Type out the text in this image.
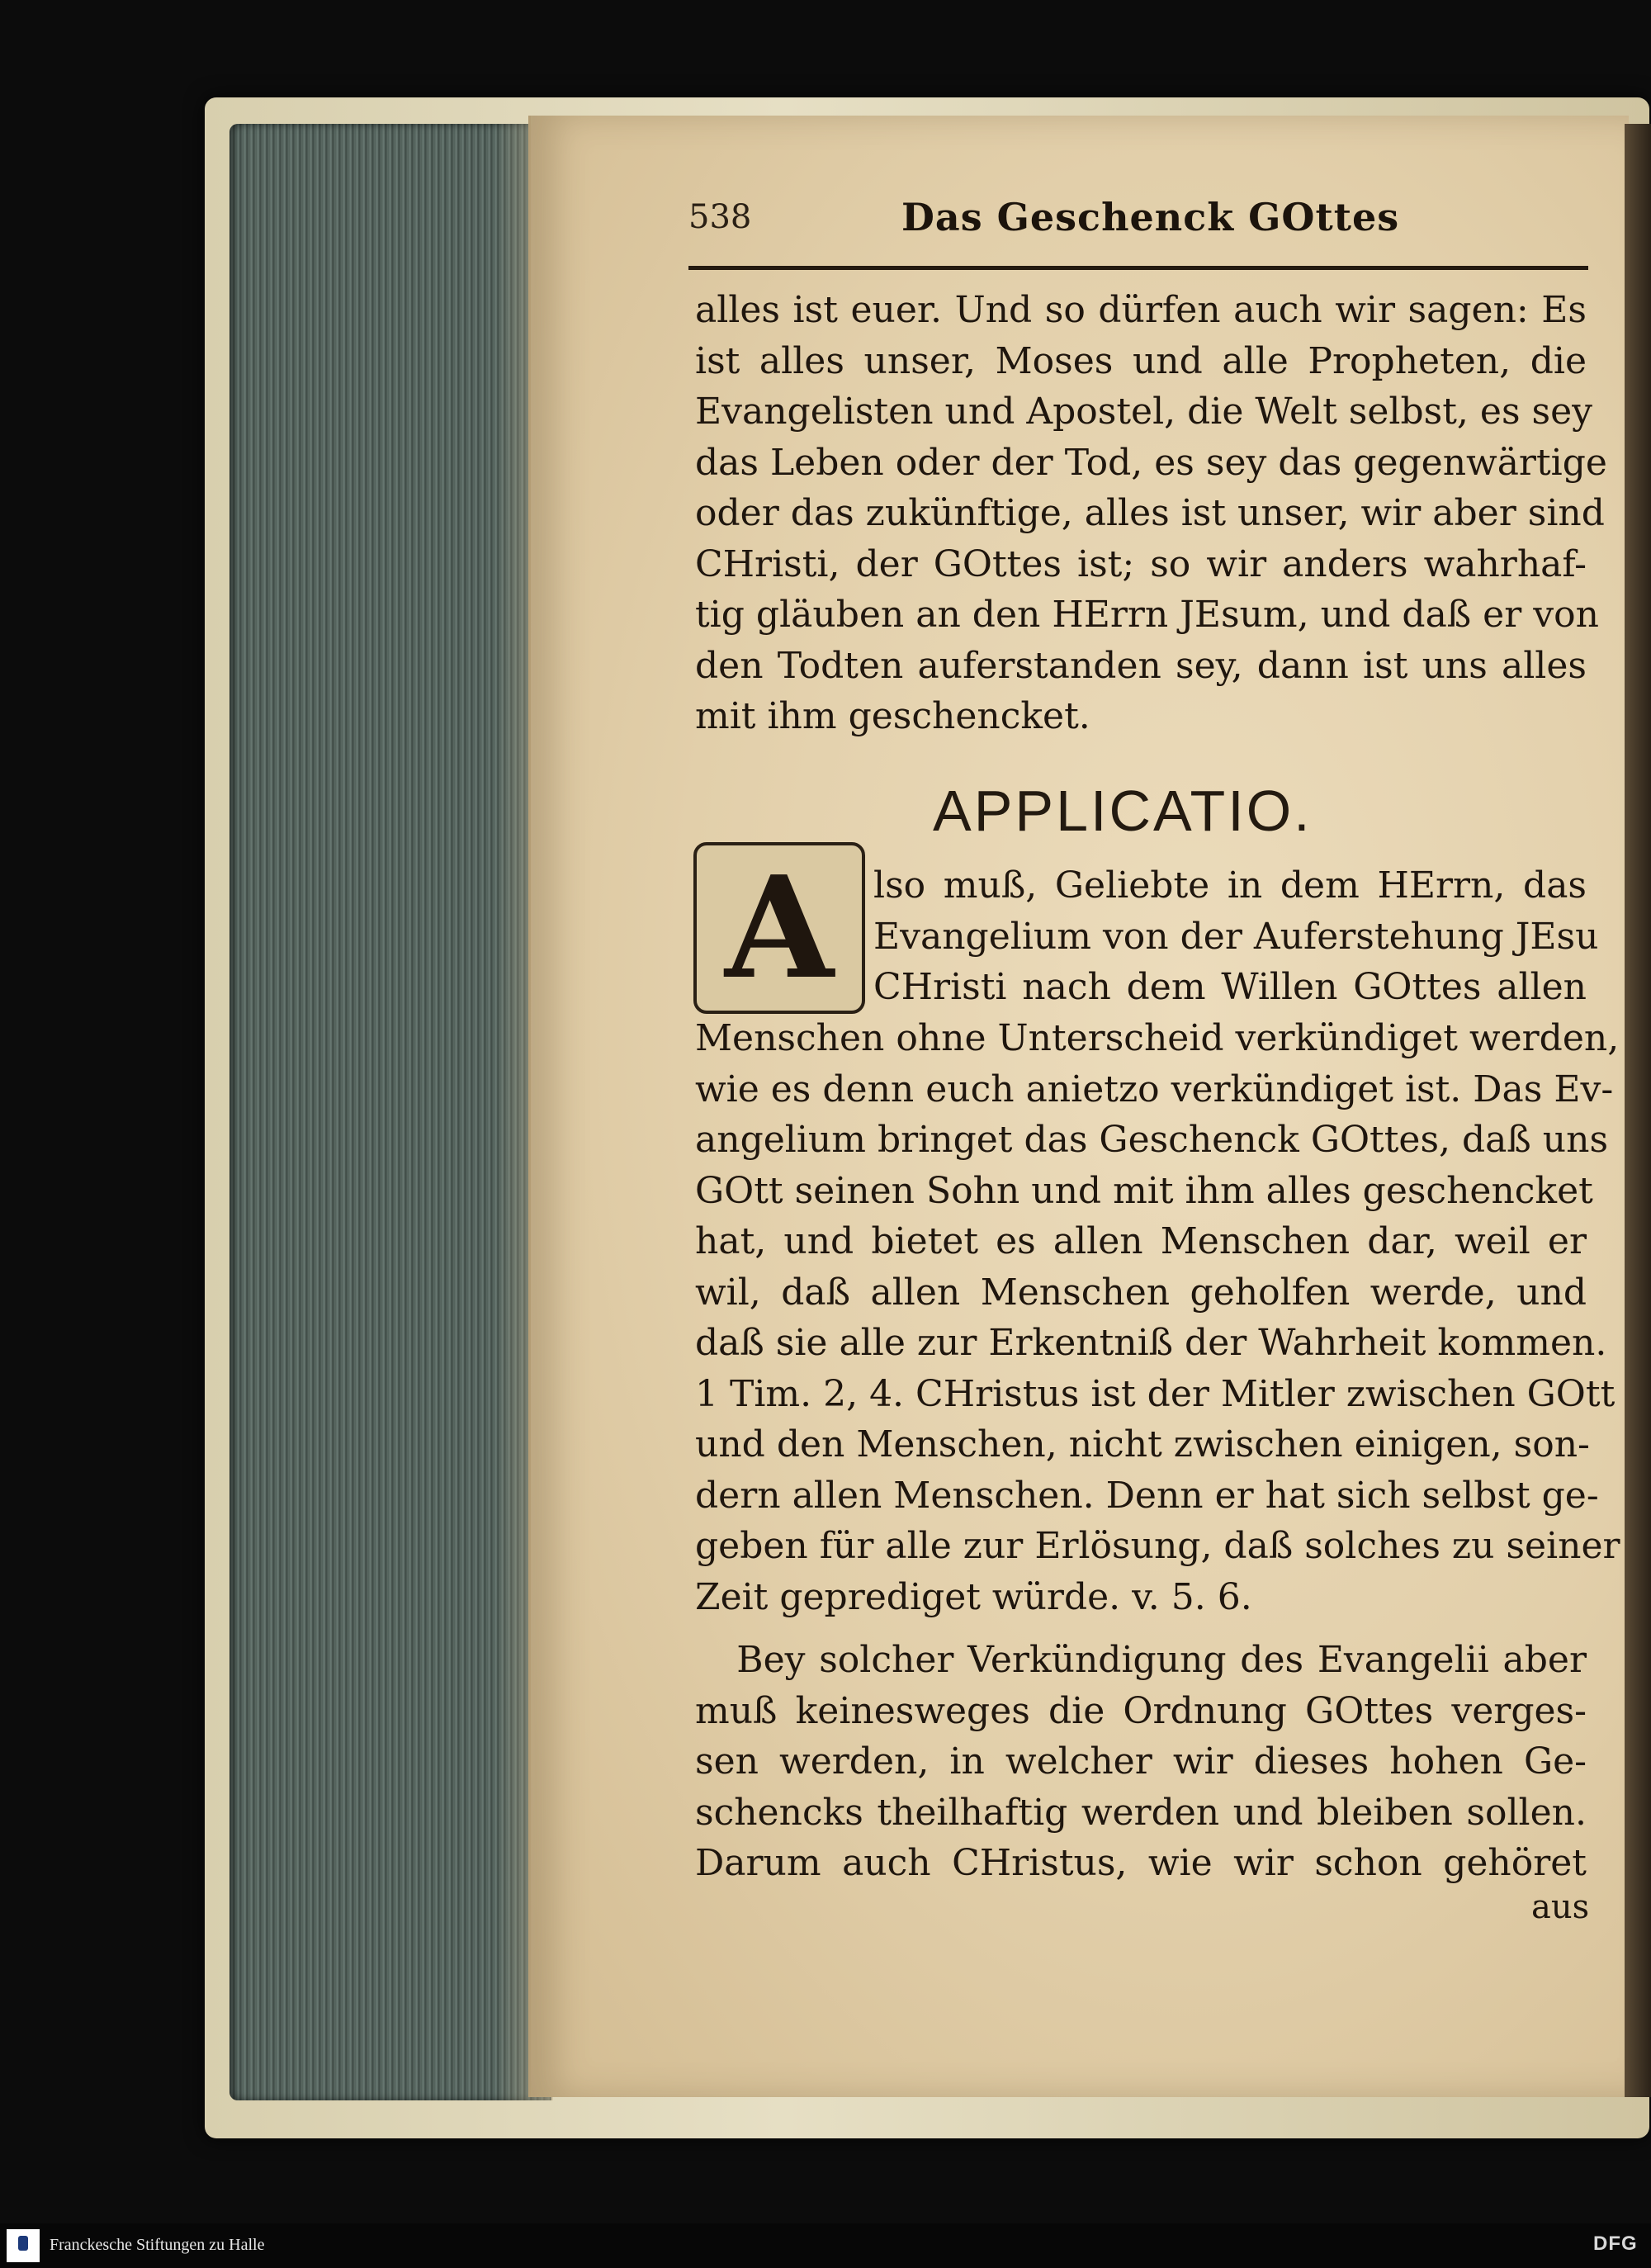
538	Das Geschenck GOttes
alles ist euer. Und so dürfen auch wir sagen: Es
ist alles unser, Moses und alle Propheten, die
Evangelisten und Apostel, die Welt selbst, es sey
das Leben oder der Tod, es sey das gegenwärtige
oder das zukünftige, alles ist unser, wir aber sind
CHristi, der GOttes ist; so wir anders wahrhaf-
tig gläuben an den HErrn JEsum, und daß er von
den Todten auferstanden sey, dann ist uns alles
mit ihm geschencket.
APPLICATIO.
A	lso muß, Geliebte in dem HErrn, das
Evangelium von der Auferstehung JEsu
CHristi nach dem Willen GOttes allen
Menschen ohne Unterscheid verkündiget werden,
wie es denn euch anietzo verkündiget ist. Das Ev-
angelium bringet das Geschenck GOttes, daß uns
GOtt seinen Sohn und mit ihm alles geschencket
hat, und bietet es allen Menschen dar, weil er
wil, daß allen Menschen geholfen werde, und
daß sie alle zur Erkentniß der Wahrheit kommen.
1 Tim. 2, 4. CHristus ist der Mitler zwischen GOtt
und den Menschen, nicht zwischen einigen, son-
dern allen Menschen. Denn er hat sich selbst ge-
geben für alle zur Erlösung, daß solches zu seiner
Zeit geprediget würde. v. 5. 6.
Bey solcher Verkündigung des Evangelii aber
muß keinesweges die Ordnung GOttes verges-
sen werden, in welcher wir dieses hohen Ge-
schencks theilhaftig werden und bleiben sollen.
Darum auch CHristus, wie wir schon gehöret
aus
Franckesche Stiftungen zu Halle	DFG
